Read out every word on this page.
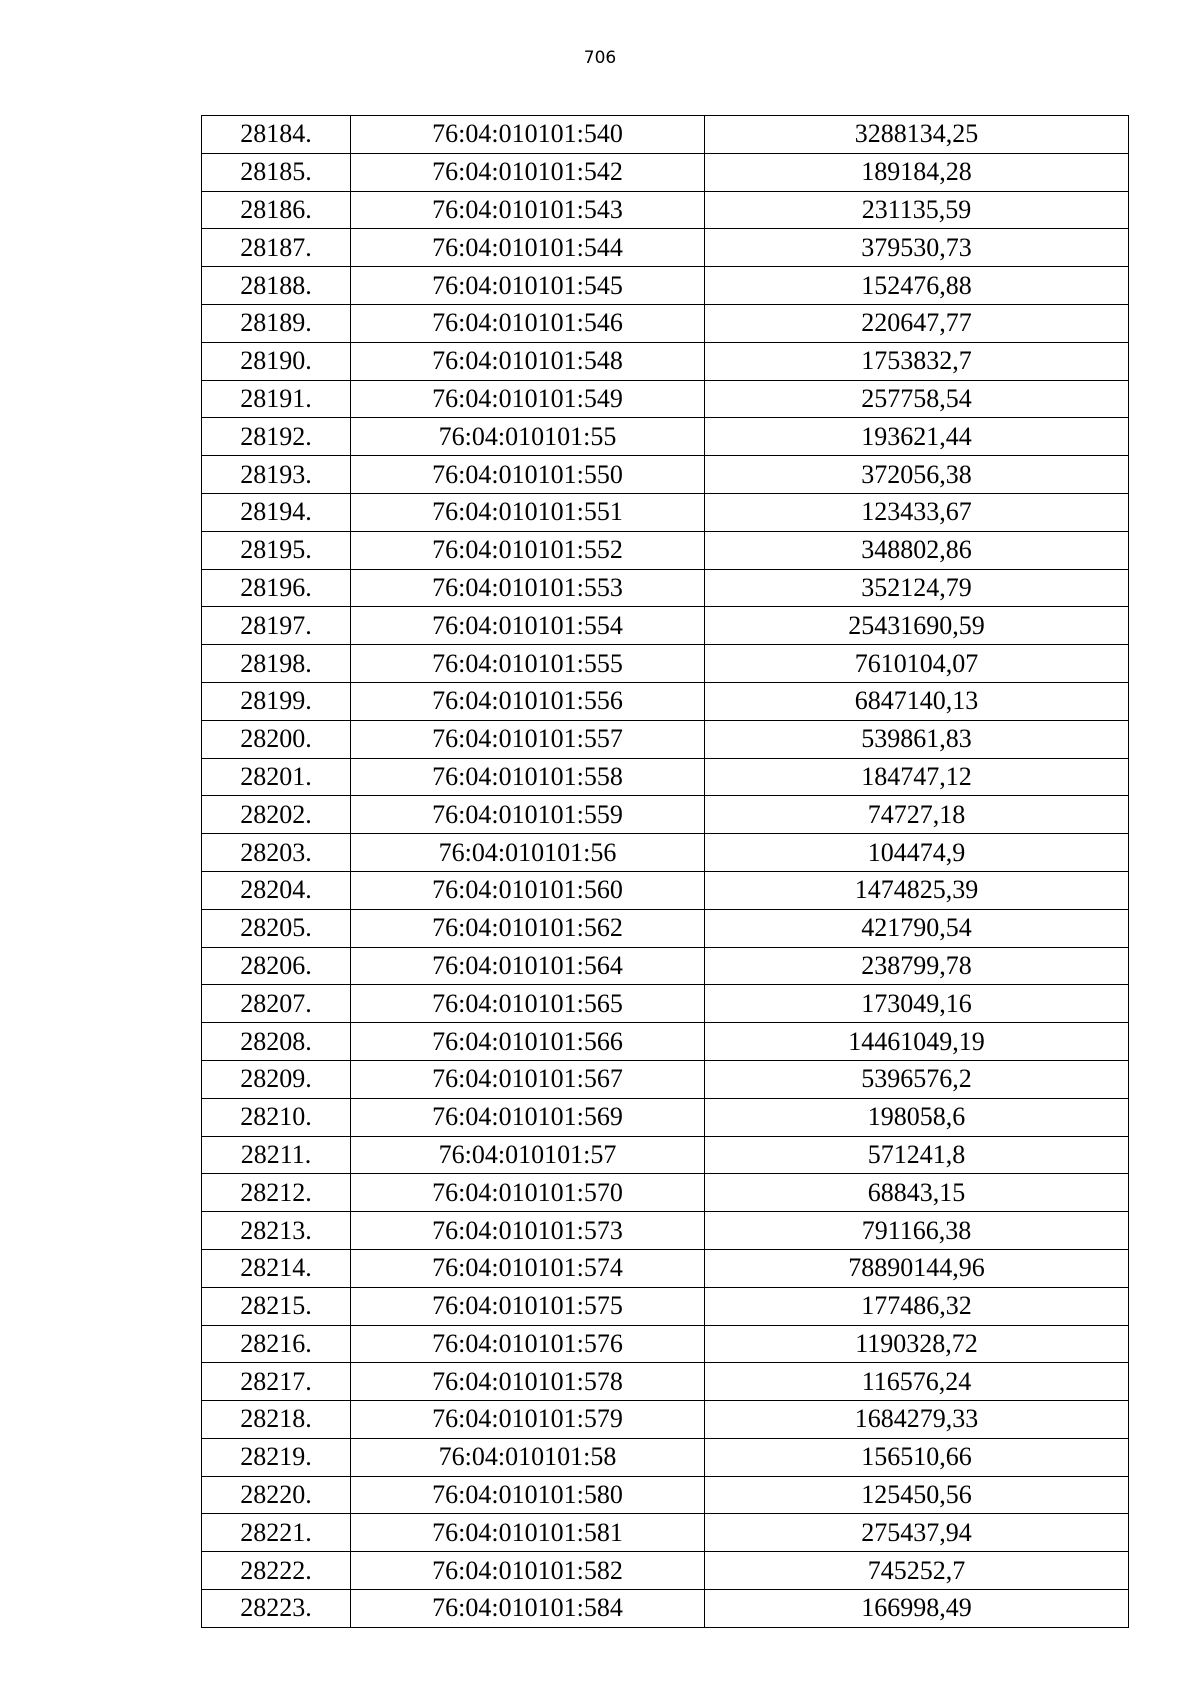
706
28184.	76:04:010101:540	3288134,25
28185.	76:04:010101:542	189184,28
28186.	76:04:010101:543	231135,59
28187.	76:04:010101:544	379530,73
28188.	76:04:010101:545	152476,88
28189.	76:04:010101:546	220647,77
28190.	76:04:010101:548	1753832,7
28191.	76:04:010101:549	257758,54
28192.	76:04:010101:55	193621,44
28193.	76:04:010101:550	372056,38
28194.	76:04:010101:551	123433,67
28195.	76:04:010101:552	348802,86
28196.	76:04:010101:553	352124,79
28197.	76:04:010101:554	25431690,59
28198.	76:04:010101:555	7610104,07
28199.	76:04:010101:556	6847140,13
28200.	76:04:010101:557	539861,83
28201.	76:04:010101:558	184747,12
28202.	76:04:010101:559	74727,18
28203.	76:04:010101:56	104474,9
28204.	76:04:010101:560	1474825,39
28205.	76:04:010101:562	421790,54
28206.	76:04:010101:564	238799,78
28207.	76:04:010101:565	173049,16
28208.	76:04:010101:566	14461049,19
28209.	76:04:010101:567	5396576,2
28210.	76:04:010101:569	198058,6
28211.	76:04:010101:57	571241,8
28212.	76:04:010101:570	68843,15
28213.	76:04:010101:573	791166,38
28214.	76:04:010101:574	78890144,96
28215.	76:04:010101:575	177486,32
28216.	76:04:010101:576	1190328,72
28217.	76:04:010101:578	116576,24
28218.	76:04:010101:579	1684279,33
28219.	76:04:010101:58	156510,66
28220.	76:04:010101:580	125450,56
28221.	76:04:010101:581	275437,94
28222.	76:04:010101:582	745252,7
28223.	76:04:010101:584	166998,49
